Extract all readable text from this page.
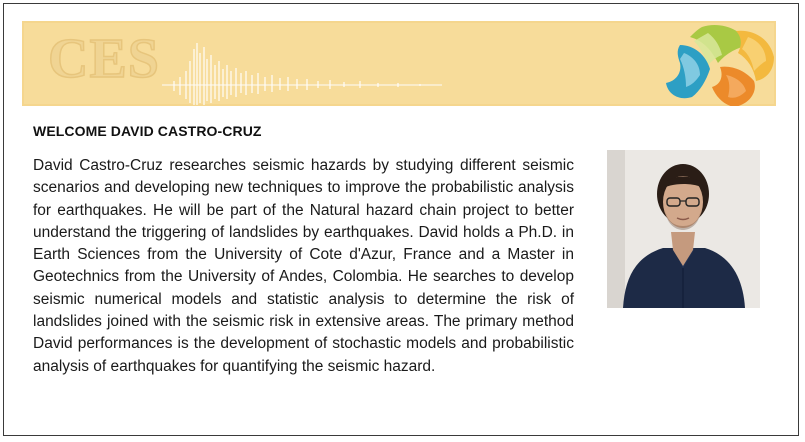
CES
WELCOME DAVID CASTRO-CRUZ

David Castro-Cruz researches seismic hazards by studying different seismic scenarios and developing new techniques to improve the probabilistic analysis for earthquakes. He will be part of the Natural hazard chain project to better understand the triggering of landslides by earthquakes. David holds a Ph.D. in Earth Sciences from the University of Cote d'Azur, France and a Master in Geotechnics from the University of Andes, Colombia. He searches to develop seismic numerical models and statistic analysis to determine the risk of landslides joined with the seismic risk in extensive areas. The primary method David performances is the development of stochastic models and probabilistic analysis of earthquakes for quantifying the seismic hazard.
